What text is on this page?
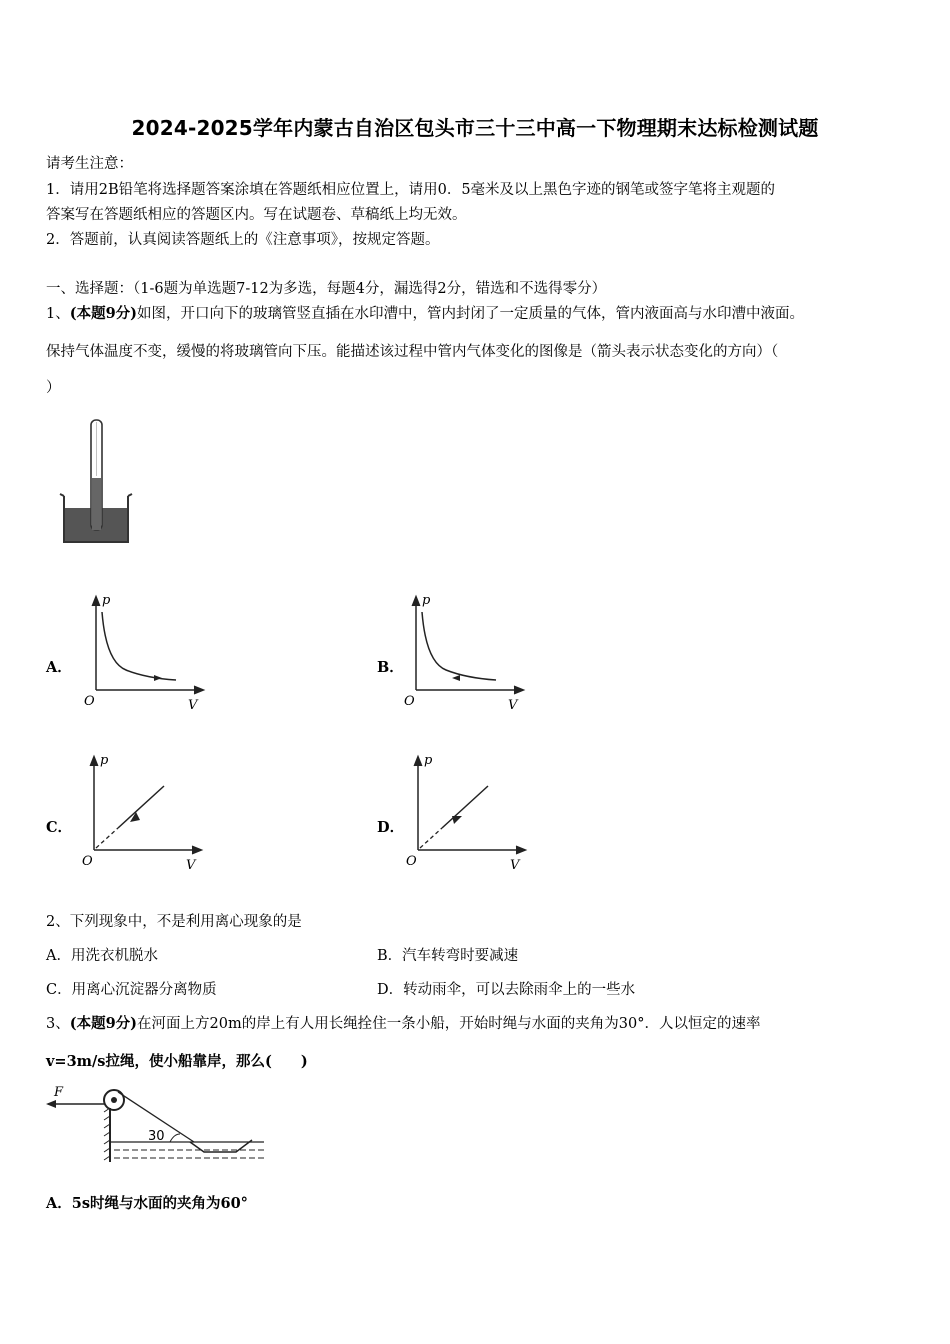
2024-2025学年内蒙古自治区包头市三十三中高一下物理期末达标检测试题
请考生注意：
1．请用2B铅笔将选择题答案涂填在答题纸相应位置上，请用0．5毫米及以上黑色字迹的钢笔或签字笔将主观题的
答案写在答题纸相应的答题区内。写在试题卷、草稿纸上均无效。
2．答题前，认真阅读答题纸上的《注意事项》，按规定答题。
一、选择题：（1-6题为单选题7-12为多选，每题4分，漏选得2分，错选和不选得零分）
1、(本题9分)如图，开口向下的玻璃管竖直插在水印漕中，管内封闭了一定质量的气体，管内液面高与水印漕中液面。
保持气体温度不变，缓慢的将玻璃管向下压。能描述该过程中管内气体变化的图像是（箭头表示状态变化的方向）（
）
A．
p
V
O
B．
p
V
O
C．
p
V
O
D．
p
V
O
2、下列现象中，不是利用离心现象的是
A．用洗衣机脱水	B．汽车转弯时要减速
C．用离心沉淀器分离物质	D．转动雨伞，可以去除雨伞上的一些水
3、(本题9分)在河面上方20m的岸上有人用长绳拴住一条小船，开始时绳与水面的夹角为30°．人以恒定的速率
v=3m/s拉绳，使小船靠岸，那么(　　)
F
30
A．5s时绳与水面的夹角为60°
